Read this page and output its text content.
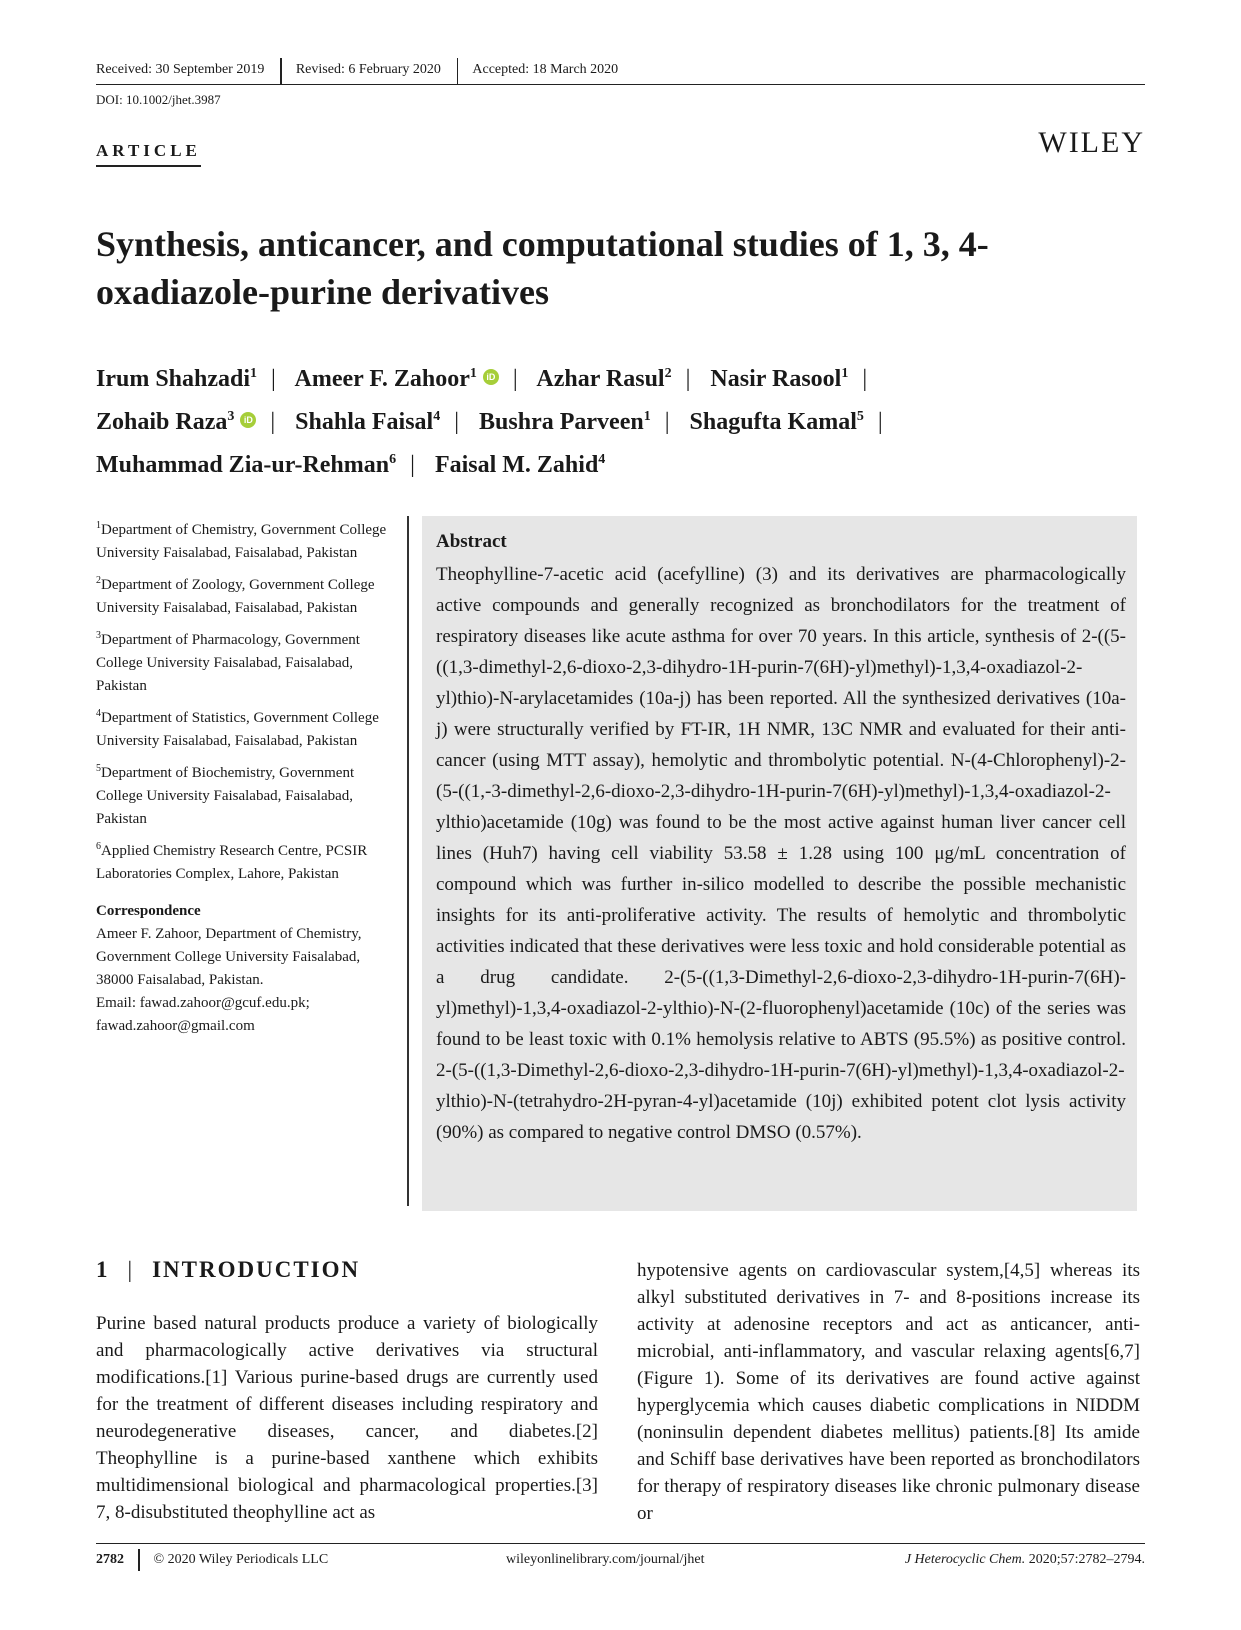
Received: 30 September 2019	Revised: 6 February 2020	Accepted: 18 March 2020
DOI: 10.1002/jhet.3987
ARTICLE	WILEY
Synthesis, anticancer, and computational studies of 1, 3, 4-oxadiazole-purine derivatives
Irum Shahzadi$^1$ | Ameer F. Zahoor$^1$ iD | Azhar Rasul$^2$ | Nasir Rasool$^1$ |
Zohaib Raza$^3$ iD | Shahla Faisal$^4$ | Bushra Parveen$^1$ | Shagufta Kamal$^5$ |
Muhammad Zia-ur-Rehman$^6$ | Faisal M. Zahid$^4$
$^1$Department of Chemistry, Government College University Faisalabad, Faisalabad, Pakistan
$^2$Department of Zoology, Government College University Faisalabad, Faisalabad, Pakistan
$^3$Department of Pharmacology, Government College University Faisalabad, Faisalabad, Pakistan
$^4$Department of Statistics, Government College University Faisalabad, Faisalabad, Pakistan
$^5$Department of Biochemistry, Government College University Faisalabad, Faisalabad, Pakistan
$^6$Applied Chemistry Research Centre, PCSIR Laboratories Complex, Lahore, Pakistan
Correspondence
Ameer F. Zahoor, Department of Chemistry, Government College University Faisalabad, 38000 Faisalabad, Pakistan.
Email: fawad.zahoor@gcuf.edu.pk; fawad.zahoor@gmail.com
Abstract

Theophylline-7-acetic acid (acefylline) (3) and its derivatives are pharmacologically active compounds and generally recognized as bronchodilators for the treatment of respiratory diseases like acute asthma for over 70 years. In this article, synthesis of 2-((5-((1,3-dimethyl-2,6-dioxo-2,3-dihydro-1H-purin-7(6H)-yl)methyl)-1,3,4-oxadiazol-2-yl)thio)-N-arylacetamides (10a-j) has been reported. All the synthesized derivatives (10a-j) were structurally verified by FT-IR, 1H NMR, 13C NMR and evaluated for their anti-cancer (using MTT assay), hemolytic and thrombolytic potential. N-(4-Chlorophenyl)-2-(5-((1,-3-dimethyl-2,6-dioxo-2,3-dihydro-1H-purin-7(6H)-yl)methyl)-1,3,4-oxadiazol-2-ylthio)acetamide (10g) was found to be the most active against human liver cancer cell lines (Huh7) having cell viability 53.58 ± 1.28 using 100 μg/mL concentration of compound which was further in-silico modelled to describe the possible mechanistic insights for its anti-proliferative activity. The results of hemolytic and thrombolytic activities indicated that these derivatives were less toxic and hold considerable potential as a drug candidate. 2-(5-((1,3-Dimethyl-2,6-dioxo-2,3-dihydro-1H-purin-7(6H)-yl)methyl)-1,3,4-oxadiazol-2-ylthio)-N-(2-fluorophenyl)acetamide (10c) of the series was found to be least toxic with 0.1% hemolysis relative to ABTS (95.5%) as positive control. 2-(5-((1,3-Dimethyl-2,6-dioxo-2,3-dihydro-1H-purin-7(6H)-yl)methyl)-1,3,4-oxadiazol-2-ylthio)-N-(tetrahydro-2H-pyran-4-yl)acetamide (10j) exhibited potent clot lysis activity (90%) as compared to negative control DMSO (0.57%).

1 | INTRODUCTION
Purine based natural products produce a variety of biologically and pharmacologically active derivatives via structural modifications.[1] Various purine-based drugs are currently used for the treatment of different diseases including respiratory and neurodegenerative diseases, cancer, and diabetes.[2] Theophylline is a purine-based xanthene which exhibits multidimensional biological and pharmacological properties.[3] 7, 8-disubstituted theophylline act as
hypotensive agents on cardiovascular system,[4,5] whereas its alkyl substituted derivatives in 7- and 8-positions increase its activity at adenosine receptors and act as anticancer, anti-microbial, anti-inflammatory, and vascular relaxing agents[6,7] (Figure 1). Some of its derivatives are found active against hyperglycemia which causes diabetic complications in NIDDM (noninsulin dependent diabetes mellitus) patients.[8] Its amide and Schiff base derivatives have been reported as bronchodilators for therapy of respiratory diseases like chronic pulmonary disease or
2782 © 2020 Wiley Periodicals LLC	wileyonlinelibrary.com/journal/jhet	J Heterocyclic Chem. 2020;57:2782–2794.
